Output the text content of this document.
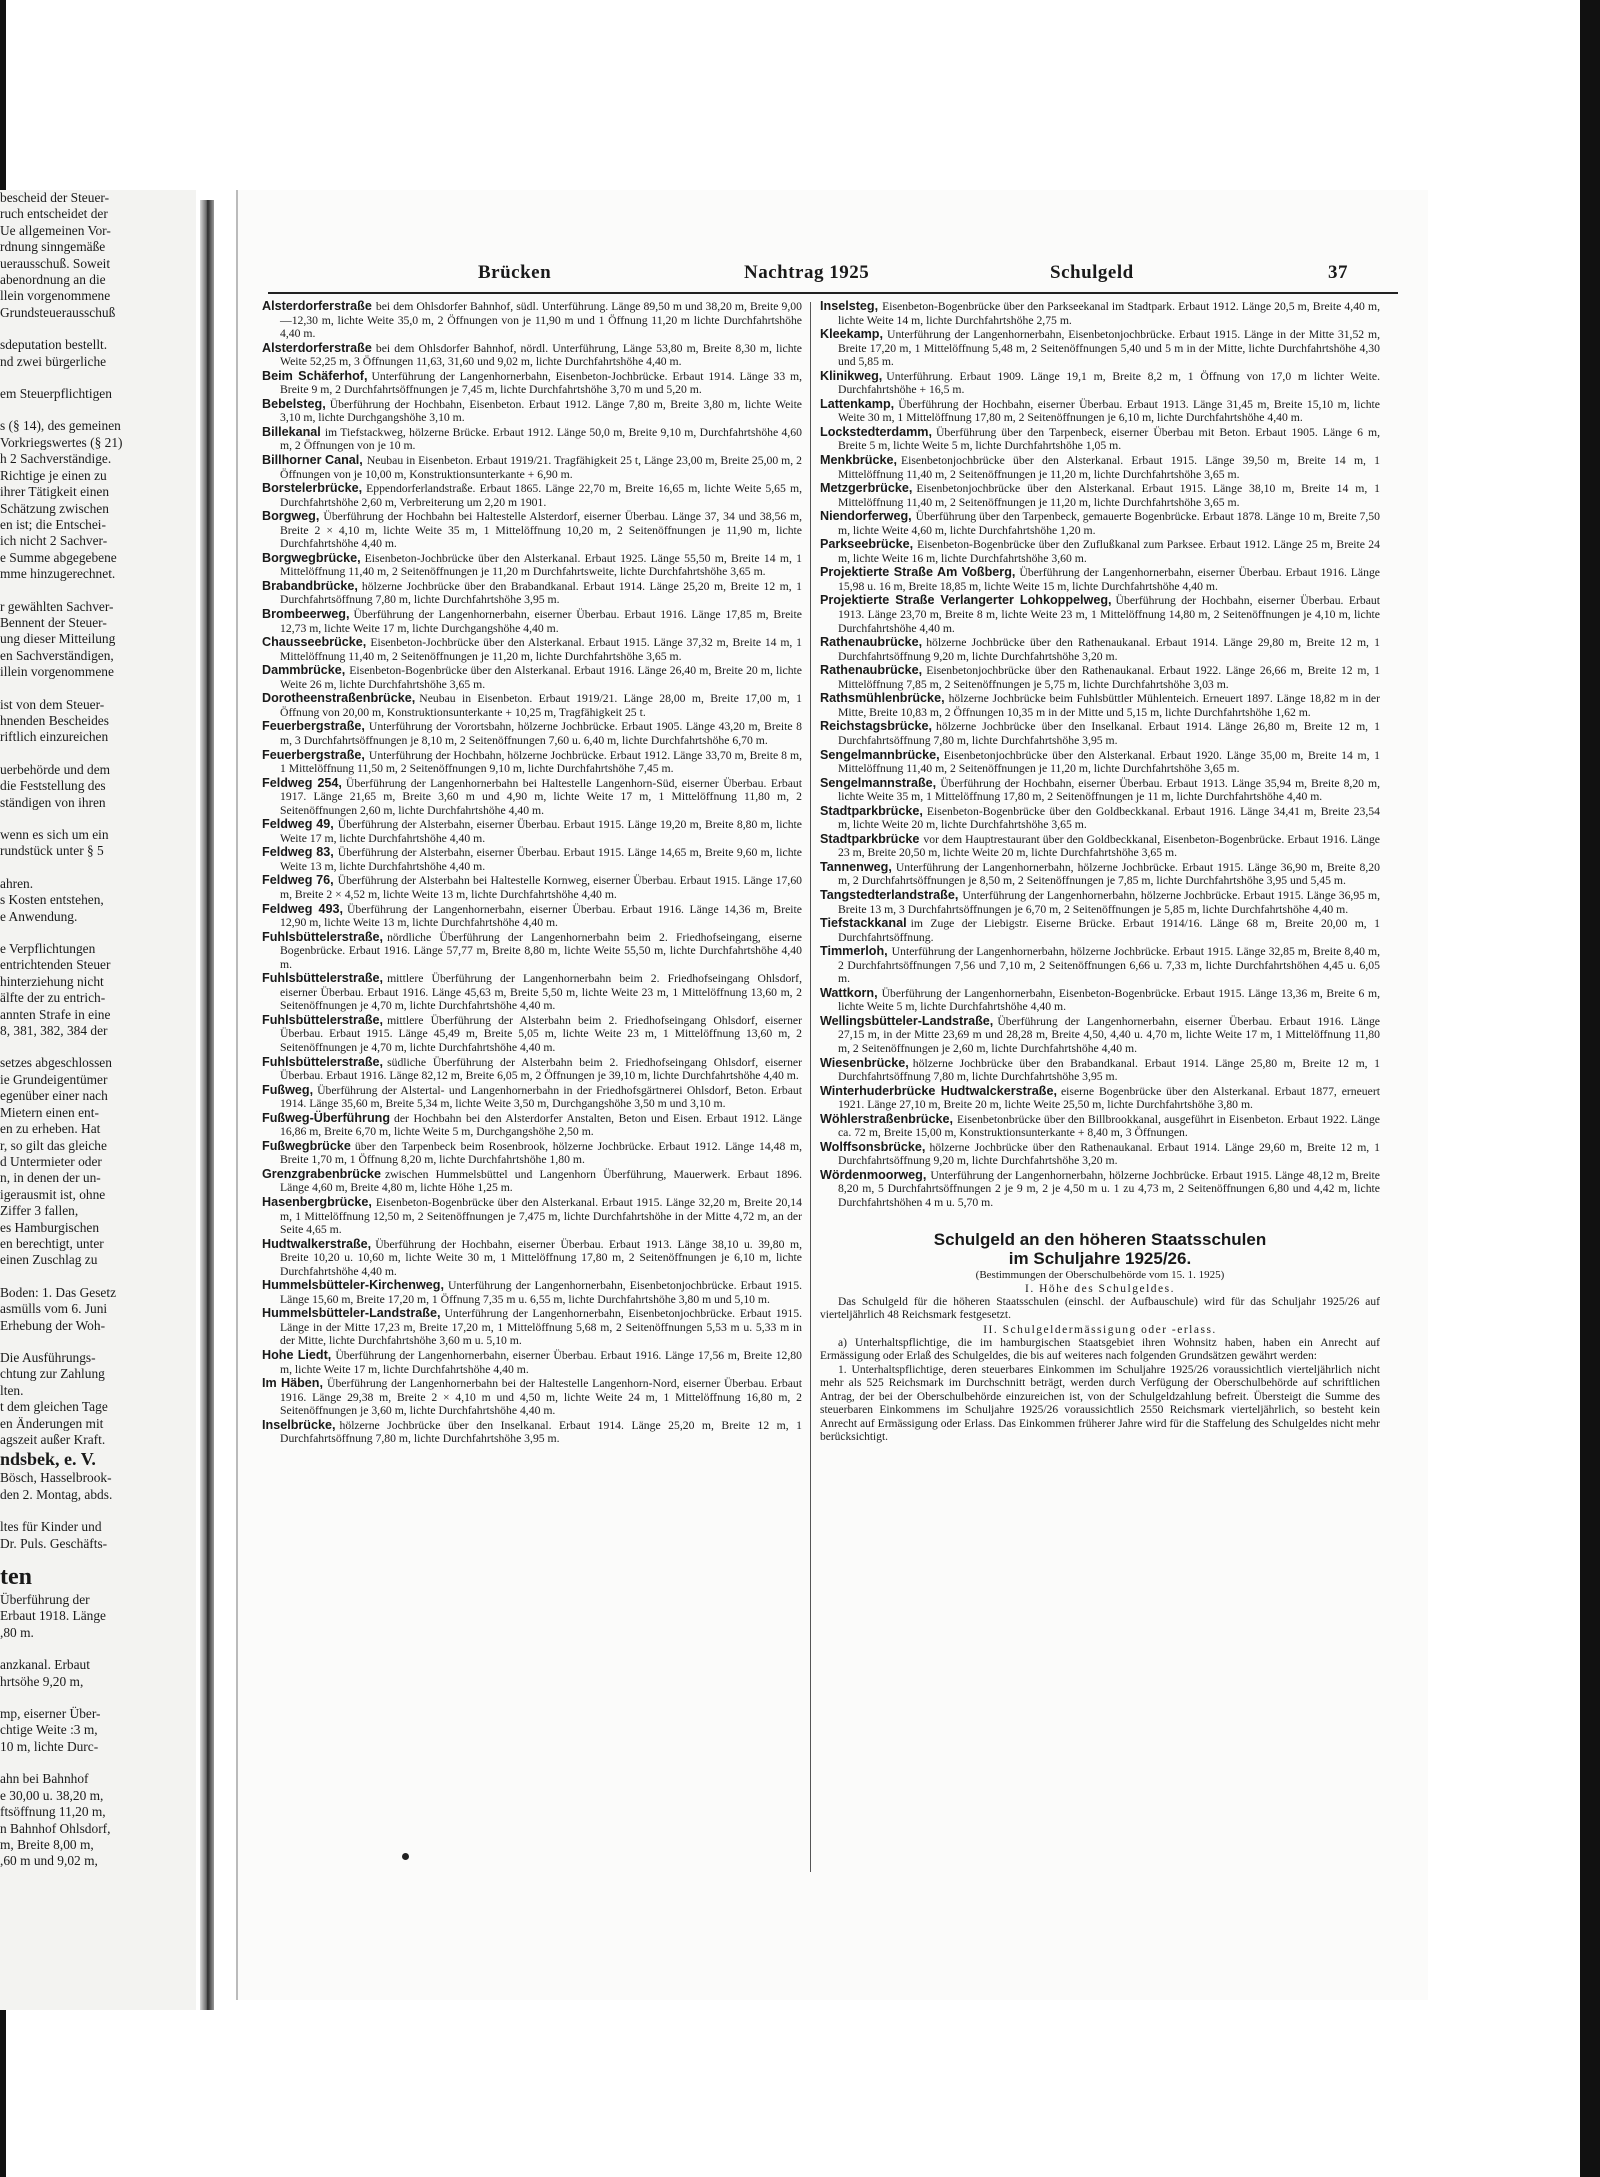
bescheid der Steuer-
ruch entscheidet der
Ue allgemeinen Vor-
rdnung sinngemäße
uerausschuß. Soweit
abenordnung an die
llein vorgenommene
Grundsteuerausschuß
sdeputation bestellt.
nd zwei bürgerliche
em Steuerpflichtigen
s (§ 14), des gemeinen
Vorkriegswertes (§ 21)
h 2 Sachverständige.
Richtige je einen zu
ihrer Tätigkeit einen
Schätzung zwischen
en ist; die Entschei-
ich nicht 2 Sachver-
e Summe abgegebene
mme hinzugerechnet.
r gewählten Sachver-
Bennent der Steuer-
ung dieser Mitteilung
en Sachverständigen,
illein vorgenommene
ist von dem Steuer-
hnenden Bescheides
riftlich einzureichen
uerbehörde und dem
die Feststellung des
ständigen von ihren
wenn es sich um ein
rundstück unter § 5
ahren.
s Kosten entstehen,
e Anwendung.
e Verpflichtungen
entrichtenden Steuer
hinterziehung nicht
älfte der zu entrich-
annten Strafe in eine
8, 381, 382, 384 der
setzes abgeschlossen
ie Grundeigentümer
egenüber einer nach
Mietern einen ent-
en zu erheben. Hat
r, so gilt das gleiche
d Untermieter oder
n, in denen der un-
igerausmit ist, ohne
Ziffer 3 fallen,
es Hamburgischen
en berechtigt, unter
einen Zuschlag zu
Boden: 1. Das Gesetz
asmülls vom 6. Juni
Erhebung der Woh-
Die Ausführungs-
chtung zur Zahlung
lten.
t dem gleichen Tage
en Änderungen mit
agszeit außer Kraft.
ndsbek, e. V.
Bösch, Hasselbrook-
den 2. Montag, abds.
ltes für Kinder und
Dr. Puls. Geschäfts-
ten
Überführung der
Erbaut 1918. Länge
,80 m.
anzkanal. Erbaut
hrtsöhe 9,20 m,
mp, eiserner Über-
chtige Weite :3 m,
10 m, lichte Durc-
ahn bei Bahnhof
e 30,00 u. 38,20 m,
ftsöffnung 11,20 m,
n Bahnhof Ohlsdorf,
m, Breite 8,00 m,
,60 m und 9,02 m,
Brücken	Nachtrag 1925	Schulgeld	37
Alsterdorferstraße bei dem Ohlsdorfer Bahnhof, südl. Unterführung. Länge 89,50 m und 38,20 m, Breite 9,00—12,30 m, lichte Weite 35,0 m, 2 Öffnungen von je 11,90 m und 1 Öffnung 11,20 m lichte Durchfahrtshöhe 4,40 m.
Alsterdorferstraße bei dem Ohlsdorfer Bahnhof, nördl. Unterführung, Länge 53,80 m, Breite 8,30 m, lichte Weite 52,25 m, 3 Öffnungen 11,63, 31,60 und 9,02 m, lichte Durchfahrtshöhe 4,40 m.
Beim Schäferhof, Unterführung der Langenhornerbahn, Eisenbeton-Jochbrücke. Erbaut 1914. Länge 33 m, Breite 9 m, 2 Durchfahrtsöffnungen je 7,45 m, lichte Durchfahrtshöhe 3,70 m und 5,20 m.
Bebelsteg, Überführung der Hochbahn, Eisenbeton. Erbaut 1912. Länge 7,80 m, Breite 3,80 m, lichte Weite 3,10 m, lichte Durchgangshöhe 3,10 m.
Billekanal im Tiefstackweg, hölzerne Brücke. Erbaut 1912. Länge 50,0 m, Breite 9,10 m, Durchfahrtshöhe 4,60 m, 2 Öffnungen von je 10 m.
Billhorner Canal, Neubau in Eisenbeton. Erbaut 1919/21. Tragfähigkeit 25 t, Länge 23,00 m, Breite 25,00 m, 2 Öffnungen von je 10,00 m, Konstruktionsunterkante + 6,90 m.
Borstelerbrücke, Eppendorferlandstraße. Erbaut 1865. Länge 22,70 m, Breite 16,65 m, lichte Weite 5,65 m, Durchfahrtshöhe 2,60 m, Verbreiterung um 2,20 m 1901.
Borgweg, Überführung der Hochbahn bei Haltestelle Alsterdorf, eiserner Überbau. Länge 37, 34 und 38,56 m, Breite 2 × 4,10 m, lichte Weite 35 m, 1 Mittelöffnung 10,20 m, 2 Seitenöffnungen je 11,90 m, lichte Durchfahrtshöhe 4,40 m.
Borgwegbrücke, Eisenbeton-Jochbrücke über den Alsterkanal. Erbaut 1925. Länge 55,50 m, Breite 14 m, 1 Mittelöffnung 11,40 m, 2 Seitenöffnungen je 11,20 m Durchfahrtsweite, lichte Durchfahrtshöhe 3,65 m.
Brabandbrücke, hölzerne Jochbrücke über den Brabandkanal. Erbaut 1914. Länge 25,20 m, Breite 12 m, 1 Durchfahrtsöffnung 7,80 m, lichte Durchfahrtshöhe 3,95 m.
Brombeerweg, Überführung der Langenhornerbahn, eiserner Überbau. Erbaut 1916. Länge 17,85 m, Breite 12,73 m, lichte Weite 17 m, lichte Durchgangshöhe 4,40 m.
Chausseebrücke, Eisenbeton-Jochbrücke über den Alsterkanal. Erbaut 1915. Länge 37,32 m, Breite 14 m, 1 Mittelöffnung 11,40 m, 2 Seitenöffnungen je 11,20 m, lichte Durchfahrtshöhe 3,65 m.
Dammbrücke, Eisenbeton-Bogenbrücke über den Alsterkanal. Erbaut 1916. Länge 26,40 m, Breite 20 m, lichte Weite 26 m, lichte Durchfahrtshöhe 3,65 m.
Dorotheenstraßenbrücke, Neubau in Eisenbeton. Erbaut 1919/21. Länge 28,00 m, Breite 17,00 m, 1 Öffnung von 20,00 m, Konstruktionsunterkante + 10,25 m, Tragfähigkeit 25 t.
Feuerbergstraße, Unterführung der Vorortsbahn, hölzerne Jochbrücke. Erbaut 1905. Länge 43,20 m, Breite 8 m, 3 Durchfahrtsöffnungen je 8,10 m, 2 Seitenöffnungen 7,60 u. 6,40 m, lichte Durchfahrtshöhe 6,70 m.
Feuerbergstraße, Unterführung der Hochbahn, hölzerne Jochbrücke. Erbaut 1912. Länge 33,70 m, Breite 8 m, 1 Mittelöffnung 11,50 m, 2 Seitenöffnungen 9,10 m, lichte Durchfahrtshöhe 7,45 m.
Feldweg 254, Überführung der Langenhornerbahn bei Haltestelle Langenhorn-Süd, eiserner Überbau. Erbaut 1917. Länge 21,65 m, Breite 3,60 m und 4,90 m, lichte Weite 17 m, 1 Mittelöffnung 11,80 m, 2 Seitenöffnungen 2,60 m, lichte Durchfahrtshöhe 4,40 m.
Feldweg 49, Überführung der Alsterbahn, eiserner Überbau. Erbaut 1915. Länge 19,20 m, Breite 8,80 m, lichte Weite 17 m, lichte Durchfahrtshöhe 4,40 m.
Feldweg 83, Überführung der Alsterbahn, eiserner Überbau. Erbaut 1915. Länge 14,65 m, Breite 9,60 m, lichte Weite 13 m, lichte Durchfahrtshöhe 4,40 m.
Feldweg 76, Überführung der Alsterbahn bei Haltestelle Kornweg, eiserner Überbau. Erbaut 1915. Länge 17,60 m, Breite 2 × 4,52 m, lichte Weite 13 m, lichte Durchfahrtshöhe 4,40 m.
Feldweg 493, Überführung der Langenhornerbahn, eiserner Überbau. Erbaut 1916. Länge 14,36 m, Breite 12,90 m, lichte Weite 13 m, lichte Durchfahrtshöhe 4,40 m.
Fuhlsbüttelerstraße, nördliche Überführung der Langenhornerbahn beim 2. Friedhofseingang, eiserne Bogenbrücke. Erbaut 1916. Länge 57,77 m, Breite 8,80 m, lichte Weite 55,50 m, lichte Durchfahrtshöhe 4,40 m.
Fuhlsbüttelerstraße, mittlere Überführung der Langenhornerbahn beim 2. Friedhofseingang Ohlsdorf, eiserner Überbau. Erbaut 1916. Länge 45,63 m, Breite 5,50 m, lichte Weite 23 m, 1 Mittelöffnung 13,60 m, 2 Seitenöffnungen je 4,70 m, lichte Durchfahrtshöhe 4,40 m.
Fuhlsbüttelerstraße, mittlere Überführung der Alsterbahn beim 2. Friedhofseingang Ohlsdorf, eiserner Überbau. Erbaut 1915. Länge 45,49 m, Breite 5,05 m, lichte Weite 23 m, 1 Mittelöffnung 13,60 m, 2 Seitenöffnungen je 4,70 m, lichte Durchfahrtshöhe 4,40 m.
Fuhlsbüttelerstraße, südliche Überführung der Alsterbahn beim 2. Friedhofseingang Ohlsdorf, eiserner Überbau. Erbaut 1916. Länge 82,12 m, Breite 6,05 m, 2 Öffnungen je 39,10 m, lichte Durchfahrtshöhe 4,40 m.
Fußweg, Überführung der Alstertal- und Langenhornerbahn in der Friedhofsgärtnerei Ohlsdorf, Beton. Erbaut 1914. Länge 35,60 m, Breite 5,34 m, lichte Weite 3,50 m, Durchgangshöhe 3,50 m und 3,10 m.
Fußweg-Überführung der Hochbahn bei den Alsterdorfer Anstalten, Beton und Eisen. Erbaut 1912. Länge 16,86 m, Breite 6,70 m, lichte Weite 5 m, Durchgangshöhe 2,50 m.
Fußwegbrücke über den Tarpenbeck beim Rosenbrook, hölzerne Jochbrücke. Erbaut 1912. Länge 14,48 m, Breite 1,70 m, 1 Öffnung 8,20 m, lichte Durchfahrtshöhe 1,80 m.
Grenzgrabenbrücke zwischen Hummelsbüttel und Langenhorn Überführung, Mauerwerk. Erbaut 1896. Länge 4,60 m, Breite 4,80 m, lichte Höhe 1,25 m.
Hasenbergbrücke, Eisenbeton-Bogenbrücke über den Alsterkanal. Erbaut 1915. Länge 32,20 m, Breite 20,14 m, 1 Mittelöffnung 12,50 m, 2 Seitenöffnungen je 7,475 m, lichte Durchfahrtshöhe in der Mitte 4,72 m, an der Seite 4,65 m.
Hudtwalkerstraße, Überführung der Hochbahn, eiserner Überbau. Erbaut 1913. Länge 38,10 u. 39,80 m, Breite 10,20 u. 10,60 m, lichte Weite 30 m, 1 Mittelöffnung 17,80 m, 2 Seitenöffnungen je 6,10 m, lichte Durchfahrtshöhe 4,40 m.
Hummelsbütteler-Kirchenweg, Unterführung der Langenhornerbahn, Eisenbetonjochbrücke. Erbaut 1915. Länge 15,60 m, Breite 17,20 m, 1 Öffnung 7,35 m u. 6,55 m, lichte Durchfahrtshöhe 3,80 m und 5,10 m.
Hummelsbütteler-Landstraße, Unterführung der Langenhornerbahn, Eisenbetonjochbrücke. Erbaut 1915. Länge in der Mitte 17,23 m, Breite 17,20 m, 1 Mittelöffnung 5,68 m, 2 Seitenöffnungen 5,53 m u. 5,33 m in der Mitte, lichte Durchfahrtshöhe 3,60 m u. 5,10 m.
Hohe Liedt, Überführung der Langenhornerbahn, eiserner Überbau. Erbaut 1916. Länge 17,56 m, Breite 12,80 m, lichte Weite 17 m, lichte Durchfahrtshöhe 4,40 m.
Im Häben, Überführung der Langenhornerbahn bei der Haltestelle Langenhorn-Nord, eiserner Überbau. Erbaut 1916. Länge 29,38 m, Breite 2 × 4,10 m und 4,50 m, lichte Weite 24 m, 1 Mittelöffnung 16,80 m, 2 Seitenöffnungen je 3,60 m, lichte Durchfahrtshöhe 4,40 m.
Inselbrücke, hölzerne Jochbrücke über den Inselkanal. Erbaut 1914. Länge 25,20 m, Breite 12 m, 1 Durchfahrtsöffnung 7,80 m, lichte Durchfahrtshöhe 3,95 m.
Inselsteg, Eisenbeton-Bogenbrücke über den Parkseekanal im Stadtpark. Erbaut 1912. Länge 20,5 m, Breite 4,40 m, lichte Weite 14 m, lichte Durchfahrtshöhe 2,75 m.
Kleekamp, Unterführung der Langenhornerbahn, Eisenbetonjochbrücke. Erbaut 1915. Länge in der Mitte 31,52 m, Breite 17,20 m, 1 Mittelöffnung 5,48 m, 2 Seitenöffnungen 5,40 und 5 m in der Mitte, lichte Durchfahrtshöhe 4,30 und 5,85 m.
Klinikweg, Unterführung. Erbaut 1909. Länge 19,1 m, Breite 8,2 m, 1 Öffnung von 17,0 m lichter Weite. Durchfahrtshöhe + 16,5 m.
Lattenkamp, Überführung der Hochbahn, eiserner Überbau. Erbaut 1913. Länge 31,45 m, Breite 15,10 m, lichte Weite 30 m, 1 Mittelöffnung 17,80 m, 2 Seitenöffnungen je 6,10 m, lichte Durchfahrtshöhe 4,40 m.
Lockstedterdamm, Überführung über den Tarpenbeck, eiserner Überbau mit Beton. Erbaut 1905. Länge 6 m, Breite 5 m, lichte Weite 5 m, lichte Durchfahrtshöhe 1,05 m.
Menkbrücke, Eisenbetonjochbrücke über den Alsterkanal. Erbaut 1915. Länge 39,50 m, Breite 14 m, 1 Mittelöffnung 11,40 m, 2 Seitenöffnungen je 11,20 m, lichte Durchfahrtshöhe 3,65 m.
Metzgerbrücke, Eisenbetonjochbrücke über den Alsterkanal. Erbaut 1915. Länge 38,10 m, Breite 14 m, 1 Mittelöffnung 11,40 m, 2 Seitenöffnungen je 11,20 m, lichte Durchfahrtshöhe 3,65 m.
Niendorferweg, Überführung über den Tarpenbeck, gemauerte Bogenbrücke. Erbaut 1878. Länge 10 m, Breite 7,50 m, lichte Weite 4,60 m, lichte Durchfahrtshöhe 1,20 m.
Parkseebrücke, Eisenbeton-Bogenbrücke über den Zuflußkanal zum Parksee. Erbaut 1912. Länge 25 m, Breite 24 m, lichte Weite 16 m, lichte Durchfahrtshöhe 3,60 m.
Projektierte Straße Am Voßberg, Überführung der Langenhornerbahn, eiserner Überbau. Erbaut 1916. Länge 15,98 u. 16 m, Breite 18,85 m, lichte Weite 15 m, lichte Durchfahrtshöhe 4,40 m.
Projektierte Straße Verlangerter Lohkoppelweg, Überführung der Hochbahn, eiserner Überbau. Erbaut 1913. Länge 23,70 m, Breite 8 m, lichte Weite 23 m, 1 Mittelöffnung 14,80 m, 2 Seitenöffnungen je 4,10 m, lichte Durchfahrtshöhe 4,40 m.
Rathenaubrücke, hölzerne Jochbrücke über den Rathenaukanal. Erbaut 1914. Länge 29,80 m, Breite 12 m, 1 Durchfahrtsöffnung 9,20 m, lichte Durchfahrtshöhe 3,20 m.
Rathenaubrücke, Eisenbetonjochbrücke über den Rathenaukanal. Erbaut 1922. Länge 26,66 m, Breite 12 m, 1 Mittelöffnung 7,85 m, 2 Seitenöffnungen je 5,75 m, lichte Durchfahrtshöhe 3,03 m.
Rathsmühlenbrücke, hölzerne Jochbrücke beim Fuhlsbüttler Mühlenteich. Erneuert 1897. Länge 18,82 m in der Mitte, Breite 10,83 m, 2 Öffnungen 10,35 m in der Mitte und 5,15 m, lichte Durchfahrtshöhe 1,62 m.
Reichstagsbrücke, hölzerne Jochbrücke über den Inselkanal. Erbaut 1914. Länge 26,80 m, Breite 12 m, 1 Durchfahrtsöffnung 7,80 m, lichte Durchfahrtshöhe 3,95 m.
Sengelmannbrücke, Eisenbetonjochbrücke über den Alsterkanal. Erbaut 1920. Länge 35,00 m, Breite 14 m, 1 Mittelöffnung 11,40 m, 2 Seitenöffnungen je 11,20 m, lichte Durchfahrtshöhe 3,65 m.
Sengelmannstraße, Überführung der Hochbahn, eiserner Überbau. Erbaut 1913. Länge 35,94 m, Breite 8,20 m, lichte Weite 35 m, 1 Mittelöffnung 17,80 m, 2 Seitenöffnungen je 11 m, lichte Durchfahrtshöhe 4,40 m.
Stadtparkbrücke, Eisenbeton-Bogenbrücke über den Goldbeckkanal. Erbaut 1916. Länge 34,41 m, Breite 23,54 m, lichte Weite 20 m, lichte Durchfahrtshöhe 3,65 m.
Stadtparkbrücke vor dem Hauptrestaurant über den Goldbeckkanal, Eisenbeton-Bogenbrücke. Erbaut 1916. Länge 23 m, Breite 20,50 m, lichte Weite 20 m, lichte Durchfahrtshöhe 3,65 m.
Tannenweg, Unterführung der Langenhornerbahn, hölzerne Jochbrücke. Erbaut 1915. Länge 36,90 m, Breite 8,20 m, 2 Durchfahrtsöffnungen je 8,50 m, 2 Seitenöffnungen je 7,85 m, lichte Durchfahrtshöhe 3,95 und 5,45 m.
Tangstedterlandstraße, Unterführung der Langenhornerbahn, hölzerne Jochbrücke. Erbaut 1915. Länge 36,95 m, Breite 13 m, 3 Durchfahrtsöffnungen je 6,70 m, 2 Seitenöffnungen je 5,85 m, lichte Durchfahrtshöhe 4,40 m.
Tiefstackkanal im Zuge der Liebigstr. Eiserne Brücke. Erbaut 1914/16. Länge 68 m, Breite 20,00 m, 1 Durchfahrtsöffnung.
Timmerloh, Unterführung der Langenhornerbahn, hölzerne Jochbrücke. Erbaut 1915. Länge 32,85 m, Breite 8,40 m, 2 Durchfahrtsöffnungen 7,56 und 7,10 m, 2 Seitenöffnungen 6,66 u. 7,33 m, lichte Durchfahrtshöhen 4,45 u. 6,05 m.
Wattkorn, Überführung der Langenhornerbahn, Eisenbeton-Bogenbrücke. Erbaut 1915. Länge 13,36 m, Breite 6 m, lichte Weite 5 m, lichte Durchfahrtshöhe 4,40 m.
Wellingsbütteler-Landstraße, Überführung der Langenhornerbahn, eiserner Überbau. Erbaut 1916. Länge 27,15 m, in der Mitte 23,69 m und 28,28 m, Breite 4,50, 4,40 u. 4,70 m, lichte Weite 17 m, 1 Mittelöffnung 11,80 m, 2 Seitenöffnungen je 2,60 m, lichte Durchfahrtshöhe 4,40 m.
Wiesenbrücke, hölzerne Jochbrücke über den Brabandkanal. Erbaut 1914. Länge 25,80 m, Breite 12 m, 1 Durchfahrtsöffnung 7,80 m, lichte Durchfahrtshöhe 3,95 m.
Winterhuderbrücke Hudtwalckerstraße, eiserne Bogenbrücke über den Alsterkanal. Erbaut 1877, erneuert 1921. Länge 27,10 m, Breite 20 m, lichte Weite 25,50 m, lichte Durchfahrtshöhe 3,80 m.
Wöhlerstraßenbrücke, Eisenbetonbrücke über den Billbrookkanal, ausgeführt in Eisenbeton. Erbaut 1922. Länge ca. 72 m, Breite 15,00 m, Konstruktionsunterkante + 8,40 m, 3 Öffnungen.
Wolffsonsbrücke, hölzerne Jochbrücke über den Rathenaukanal. Erbaut 1914. Länge 29,60 m, Breite 12 m, 1 Durchfahrtsöffnung 9,20 m, lichte Durchfahrtshöhe 3,20 m.
Wördenmoorweg, Unterführung der Langenhornerbahn, hölzerne Jochbrücke. Erbaut 1915. Länge 48,12 m, Breite 8,20 m, 5 Durchfahrtsöffnungen 2 je 9 m, 2 je 4,50 m u. 1 zu 4,73 m, 2 Seitenöffnungen 6,80 und 4,42 m, lichte Durchfahrtshöhen 4 m u. 5,70 m.
Schulgeld an den höheren Staatsschulen
im Schuljahre 1925/26.
(Bestimmungen der Oberschulbehörde vom 15. 1. 1925)
I. Höhe des Schulgeldes.

Das Schulgeld für die höheren Staatsschulen (einschl. der Aufbauschule) wird für das Schuljahr 1925/26 auf vierteljährlich 48 Reichsmark festgesetzt.

II. Schulgeldermässigung oder -erlass.

a) Unterhaltspflichtige, die im hamburgischen Staatsgebiet ihren Wohnsitz haben, haben ein Anrecht auf Ermässigung oder Erlaß des Schulgeldes, die bis auf weiteres nach folgenden Grundsätzen gewährt werden:

1. Unterhaltspflichtige, deren steuerbares Einkommen im Schuljahre 1925/26 voraussichtlich vierteljährlich nicht mehr als 525 Reichsmark im Durchschnitt beträgt, werden durch Verfügung der Oberschulbehörde auf schriftlichen Antrag, der bei der Oberschulbehörde einzureichen ist, von der Schulgeldzahlung befreit. Übersteigt die Summe des steuerbaren Einkommens im Schuljahre 1925/26 voraussichtlich 2550 Reichsmark vierteljährlich, so besteht kein Anrecht auf Ermässigung oder Erlass. Das Einkommen früherer Jahre wird für die Staffelung des Schulgeldes nicht mehr berücksichtigt.
